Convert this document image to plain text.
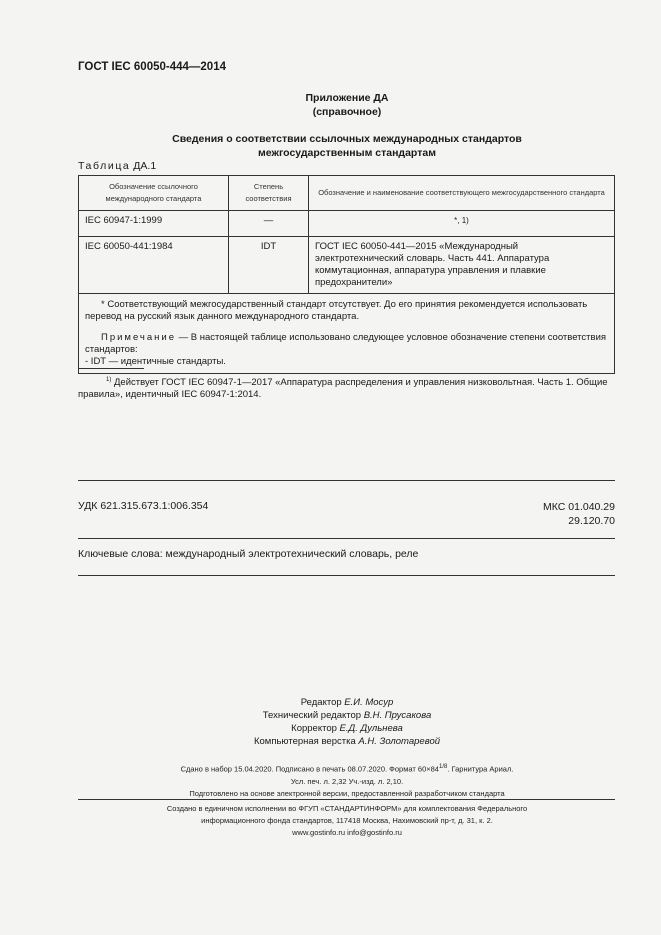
ГОСТ IEC 60050-444—2014
Приложение ДА
(справочное)
Сведения о соответствии ссылочных международных стандартов
межгосударственным стандартам
Таблица ДА.1
Обозначение ссылочного международного стандарта	Степень соответствия	Обозначение и наименование соответствующего межгосударственного стандарта
IEC 60947-1:1999	—	*, 1)
IEC 60050-441:1984	IDT	ГОСТ IEC 60050-441—2015 «Международный электротехнический словарь. Часть 441. Аппаратура коммутационная, аппаратура управления и плавкие предохранители»

* Соответствующий межгосударственный стандарт отсутствует. До его принятия рекомендуется использовать перевод на русский язык данного международного стандарта.

Примечание — В настоящей таблице использовано следующее условное обозначение степени соответствия стандартов:

- IDT — идентичные стандарты.		
$^{1)}$ Действует ГОСТ IEC 60947-1—2017 «Аппаратура распределения и управления низковольтная. Часть 1. Общие правила», идентичный IEC 60947-1:2014.
УДК 621.315.673.1:006.354	МКС 01.040.29
29.120.70
Ключевые слова: международный электротехнический словарь, реле
Редактор Е.И. Мосур
Технический редактор В.Н. Прусакова
Корректор Е.Д. Дульнева
Компьютерная верстка А.Н. Золотаревой
Сдано в набор 15.04.2020. Подписано в печать 08.07.2020. Формат $60\times 84^{1/8}$. Гарнитура Ариал.
Усл. печ. л. 2,32 Уч.-изд. л. 2,10.
Подготовлено на основе электронной версии, предоставленной разработчиком стандарта
Создано в единичном исполнении во ФГУП «СТАНДАРТИНФОРМ» для комплектования Федерального
информационного фонда стандартов, 117418 Москва, Нахимовский пр-т, д. 31, к. 2.
www.gostinfo.ru info@gostinfo.ru
